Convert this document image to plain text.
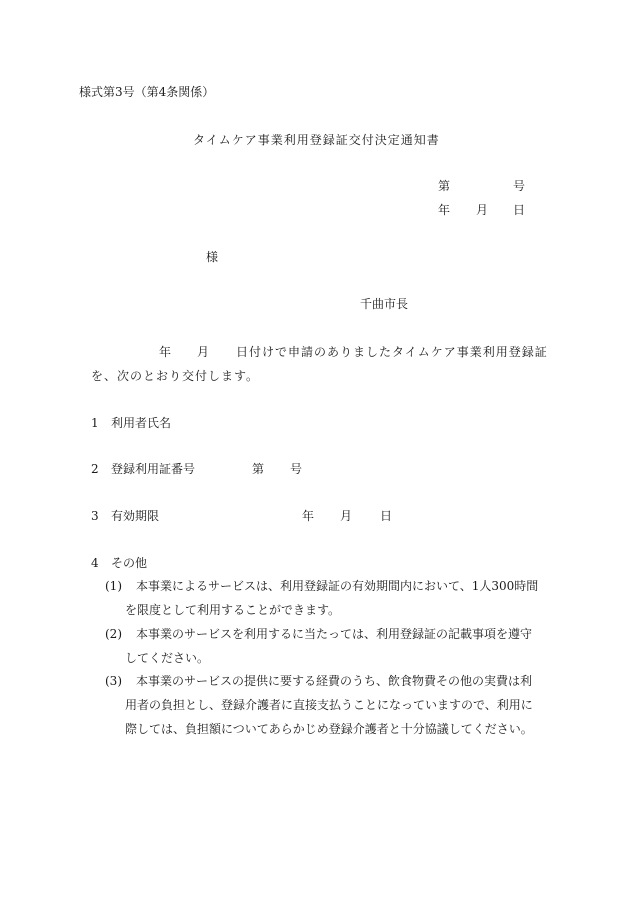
様式第3号（第4条関係）
タイムケア事業利用登録証交付決定通知書
第	号
年 月 日
様
千曲市長
年 月 日付けで申請のありましたタイムケア事業利用登録証
を、次のとおり交付します。
1 利用者氏名
2 登録利用証番号	第 号
3 有効期限	年 月 日
4 その他
(1) 本事業によるサービスは、利用登録証の有効期間内において、1人300時間
を限度として利用することができます。
(2) 本事業のサービスを利用するに当たっては、利用登録証の記載事項を遵守
してください。
(3) 本事業のサービスの提供に要する経費のうち、飲食物費その他の実費は利
用者の負担とし、登録介護者に直接支払うことになっていますので、利用に
際しては、負担額についてあらかじめ登録介護者と十分協議してください。
